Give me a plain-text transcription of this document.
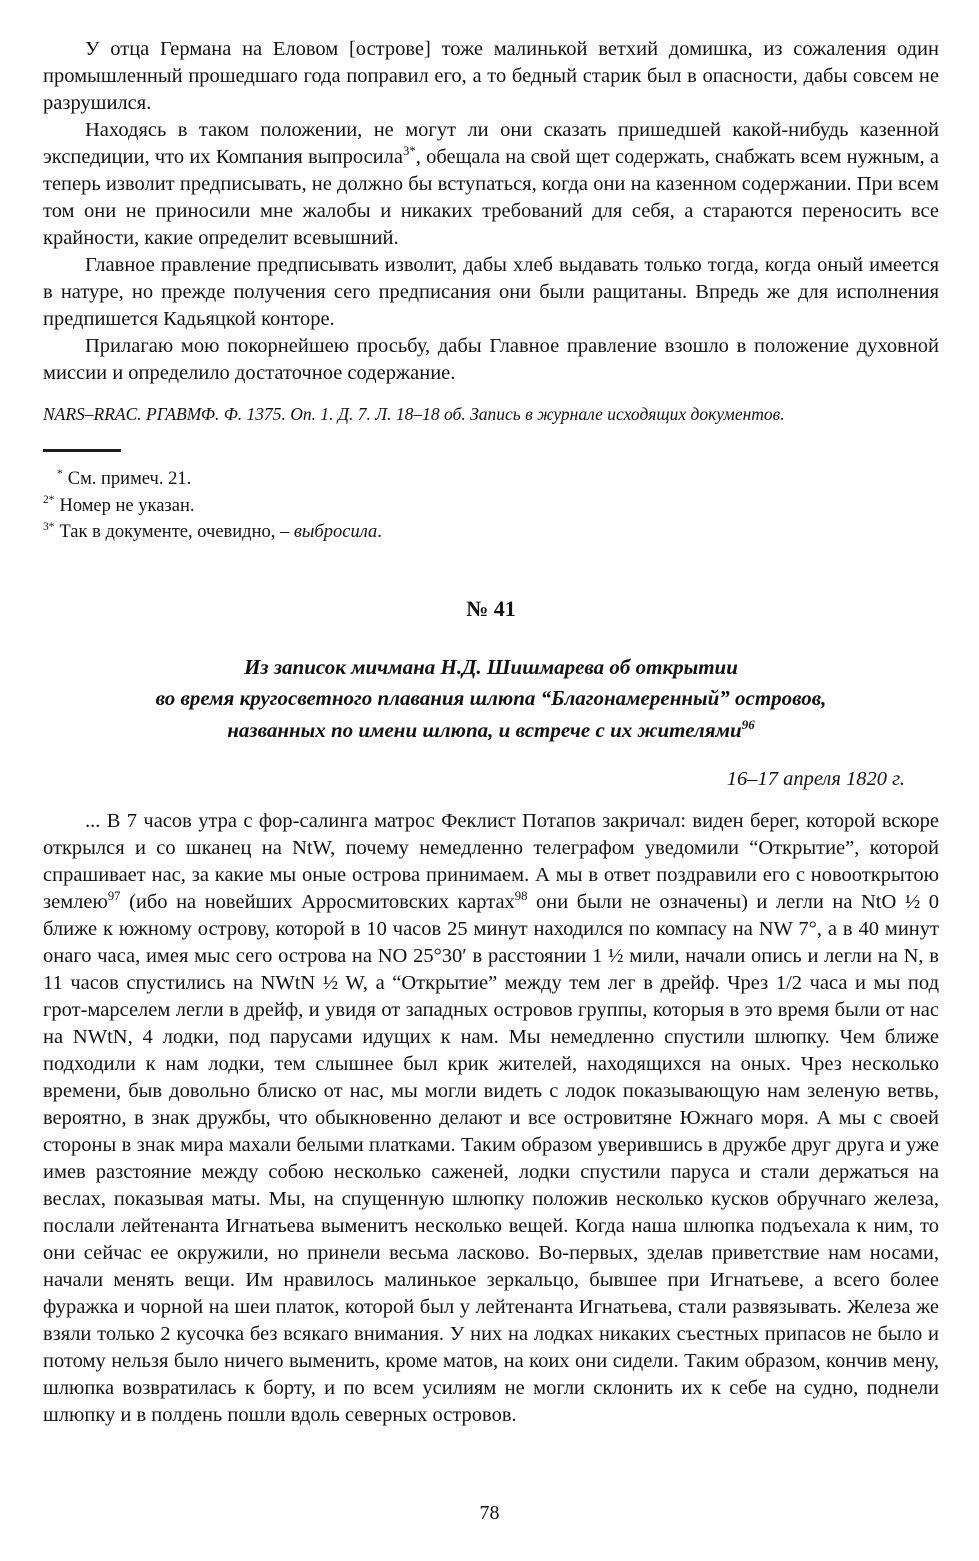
У отца Германа на Еловом [острове] тоже малинькой ветхий домишка, из сожаления один промышленный прошедшаго года поправил его, а то бедный старик был в опасности, дабы совсем не разрушился.

Находясь в таком положении, не могут ли они сказать пришедшей какой-нибудь казенной экспедиции, что их Компания выпросила$^{3*}$, обещала на свой щет содержать, снабжать всем нужным, а теперь изволит предписывать, не должно бы вступаться, когда они на казенном содержании. При всем том они не приносили мне жалобы и никаких требований для себя, а стараются переносить все крайности, какие определит всевышний.

Главное правление предписывать изволит, дабы хлеб выдавать только тогда, когда оный имеется в натуре, но прежде получения сего предписания они были ращитаны. Впредь же для исполнения предпишется Кадьяцкой конторе.

Прилагаю мою покорнейшею просьбу, дабы Главное правление взошло в положение духовной миссии и определило достаточное содержание.

NARS–RRAC. РГАВМФ. Ф. 1375. Оп. 1. Д. 7. Л. 18–18 об. Запись в журнале исходящих документов.

* См. примеч. 21.

$^{2*}$ Номер не указан.

$^{3*}$ Так в документе, очевидно, – выбросила.

№ 41
Из записок мичмана Н.Д. Шишмарева об открытии
во время кругосветного плавания шлюпа “Благонамеренный” островов,
названных по имени шлюпа, и встрече с их жителями$^{96}$
16–17 апреля 1820 г.

... В 7 часов утра с фор-салинга матрос Феклист Потапов закричал: виден берег, которой вскоре открылся и со шканец на NtW, почему немедленно телеграфом уведомили “Открытие”, которой спрашивает нас, за какие мы оные острова принимаем. А мы в ответ поздравили его с новооткрытою землею$^{97}$ (ибо на новейших Арросмитовских картах$^{98}$ они были не означены) и легли на NtO ½ 0 ближе к южному острову, которой в 10 часов 25 минут находился по компасу на NW 7°, а в 40 минут онаго часа, имея мыс сего острова на NO 25°30′ в расстоянии 1 ½ мили, начали опись и легли на N, в 11 часов спустились на NWtN ½ W, а “Открытие” между тем лег в дрейф. Чрез 1/2 часа и мы под грот-марселем легли в дрейф, и увидя от западных островов группы, которыя в это время были от нас на NWtN, 4 лодки, под парусами идущих к нам. Мы немедленно спустили шлюпку. Чем ближе подходили к нам лодки, тем слышнее был крик жителей, находящихся на оных. Чрез несколько времени, быв довольно блиско от нас, мы могли видеть с лодок показывающую нам зеленую ветвь, вероятно, в знак дружбы, что обыкновенно делают и все островитяне Южнаго моря. А мы с своей стороны в знак мира махали белыми платками. Таким образом уверившись в дружбе друг друга и уже имев разстояние между собою несколько саженей, лодки спустили паруса и стали держаться на веслах, показывая маты. Мы, на спущенную шлюпку положив несколько кусков обручнаго железа, послали лейтенанта Игнатьева выменитъ несколько вещей. Когда наша шлюпка подъехала к ним, то они сейчас ее окружили, но принели весьма ласково. Во-первых, зделав приветствие нам носами, начали менять вещи. Им нравилось малинькое зеркальцо, бывшее при Игнатьеве, а всего более фуражка и чорной на шеи платок, которой был у лейтенанта Игнатьева, стали развязывать. Железа же взяли только 2 кусочка без всякаго внимания. У них на лодках никаких съестных припасов не было и потому нельзя было ничего выменить, кроме матов, на коих они сидели. Таким образом, кончив мену, шлюпка возвратилась к борту, и по всем усилиям не могли склонить их к себе на судно, поднели шлюпку и в полдень пошли вдоль северных островов.

78
